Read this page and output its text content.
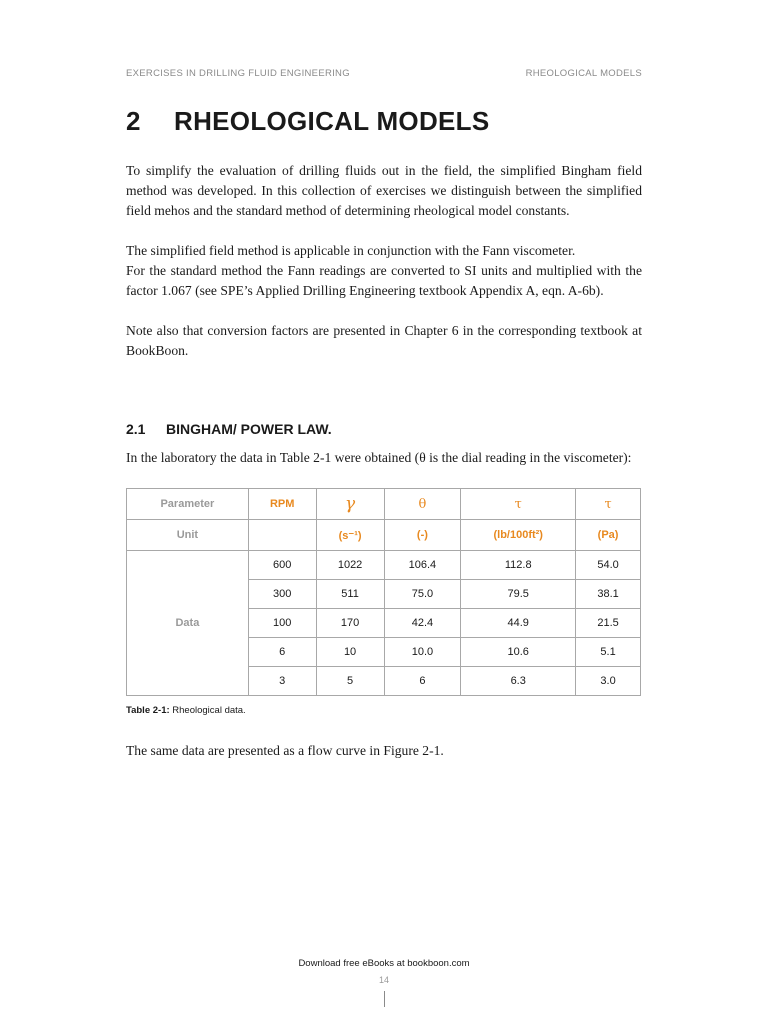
EXERCISES IN DRILLING FLUID ENGINEERING	RHEOLOGICAL MODELS
2 RHEOLOGICAL MODELS

To simplify the evaluation of drilling fluids out in the field, the simplified Bingham field method was developed. In this collection of exercises we distinguish between the simplified field mehos and the standard method of determining rheological model constants.

The simplified field method is applicable in conjunction with the Fann viscometer.
For the standard method the Fann readings are converted to SI units and multiplied with the factor 1.067 (see SPE’s Applied Drilling Engineering textbook Appendix A, eqn. A-6b).

Note also that conversion factors are presented in Chapter 6 in the corresponding textbook at BookBoon.

2.1 BINGHAM/ POWER LAW.

In the laboratory the data in Table 2-1 were obtained (θ is the dial reading in the viscometer):

Parameter	RPM	γ	θ	τ	τ
Unit		(s⁻¹)	(-)	(lb/100ft²)	(Pa)
Data	600	1022	106.4	112.8	54.0
	300	511	75.0	79.5	38.1
	100	170	42.4	44.9	21.5
	6	10	10.0	10.6	5.1
	3	5	6	6.3	3.0

Table 2-1: Rheological data.

The same data are presented as a flow curve in Figure 2-1.

Download free eBooks at bookboon.com
14
